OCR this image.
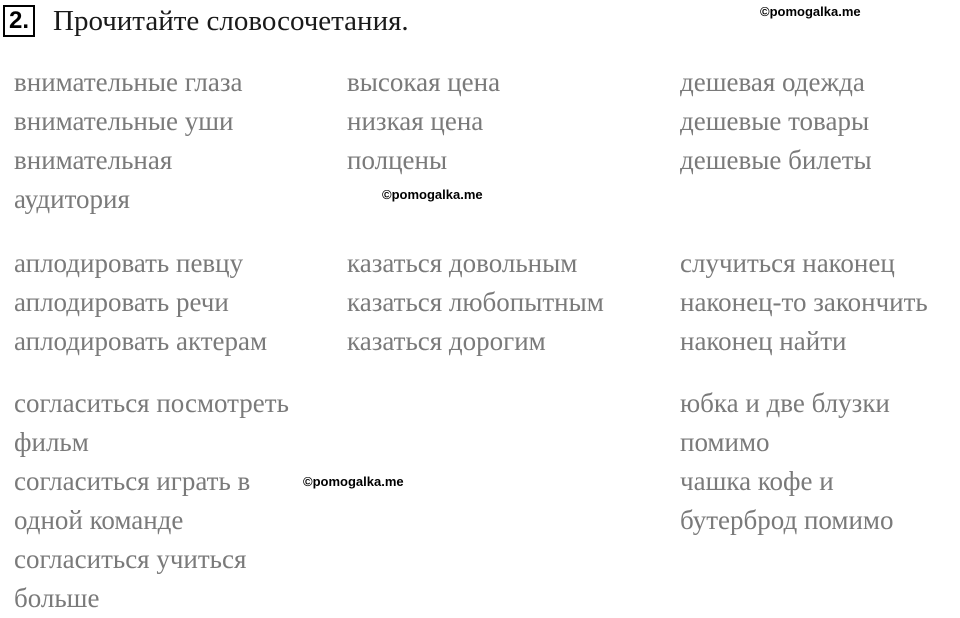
2. Прочитайте словосочетания.	©pomogalka.me
©pomogalka.me
©pomogalka.me
внимательные глаза
внимательные уши
внимательная
аудитория
высокая цена
низкая цена
полцены
дешевая одежда
дешевые товары
дешевые билеты
аплодировать певцу
аплодировать речи
аплодировать актерам
казаться довольным
казаться любопытным
казаться дорогим
случиться наконец
наконец-то закончить
наконец найти
согласиться посмотреть
фильм
согласиться играть в
одной команде
согласиться учиться
больше
юбка и две блузки
помимо
чашка кофе и
бутерброд помимо
